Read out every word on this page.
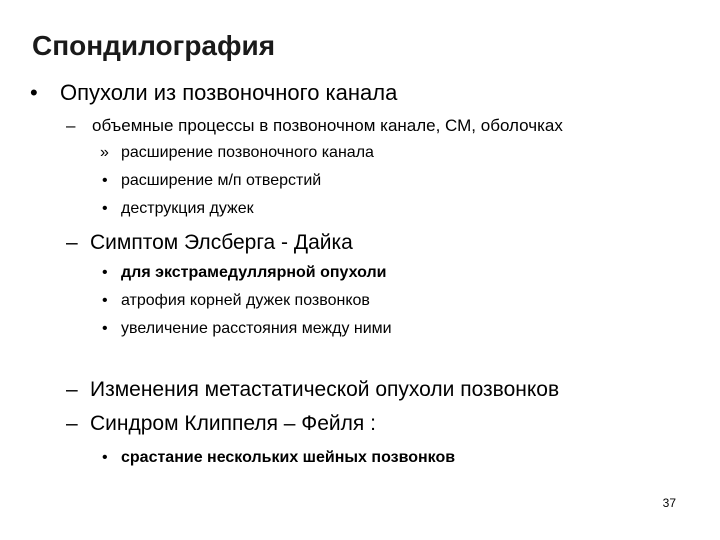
Спондилография
• Опухоли из позвоночного канала
– объемные процессы в позвоночном канале, СМ, оболочках
» расширение позвоночного канала
• расширение м/п отверстий
• деструкция дужек
– Симптом Элсберга - Дайка
• для экстрамедуллярной опухоли
• атрофия корней дужек позвонков
• увеличение расстояния между ними
– Изменения метастатической опухоли позвонков
– Синдром Клиппеля – Фейля :
• срастание нескольких шейных позвонков
37
